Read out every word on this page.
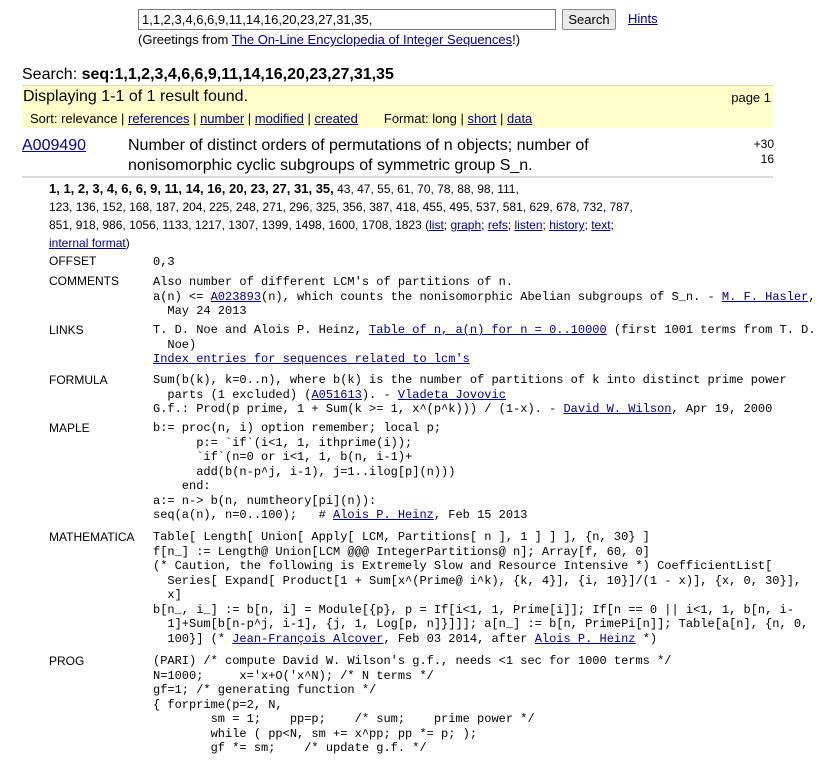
1,1,2,3,4,6,6,9,11,14,16,20,23,27,31,35,
Search	Hints
(Greetings from The On-Line Encyclopedia of Integer Sequences!)
Search: seq:1,1,2,3,4,6,6,9,11,14,16,20,23,27,31,35
Displaying 1-1 of 1 result found.	page 1
Sort: relevance | references | number | modified | created Format: long | short | data
A009490	Number of distinct orders of permutations of n objects; number of
nonisomorphic cyclic subgroups of symmetric group S_n.
+30
16
1, 1, 2, 3, 4, 6, 6, 9, 11, 14, 16, 20, 23, 27, 31, 35, 43, 47, 55, 61, 70, 78, 88, 98, 111,
123, 136, 152, 168, 187, 204, 225, 248, 271, 296, 325, 356, 387, 418, 455, 495, 537, 581, 629, 678, 732, 787,
851, 918, 986, 1056, 1133, 1217, 1307, 1399, 1498, 1600, 1708, 1823 (list; graph; refs; listen; history; text;
internal format)
OFFSET	0,3
COMMENTS	Also number of different LCM's of partitions of n.
a(n) <= A023893(n), which counts the nonisomorphic Abelian subgroups of S_n. - M. F. Hasler,
May 24 2013
LINKS	T. D. Noe and Alois P. Heinz, Table of n, a(n) for n = 0..10000 (first 1001 terms from T. D.
Noe)
Index entries for sequences related to lcm's
FORMULA	Sum(b(k), k=0..n), where b(k) is the number of partitions of k into distinct prime power
parts (1 excluded) (A051613). - Vladeta Jovovic
G.f.: Prod(p prime, 1 + Sum(k >= 1, x^(p^k))) / (1-x). - David W. Wilson, Apr 19, 2000
MAPLE	b:= proc(n, i) option remember; local p;
p:= `if`(i<1, 1, ithprime(i));
`if`(n=0 or i<1, 1, b(n, i-1)+
add(b(n-p^j, i-1), j=1..ilog[p](n)))
end:
a:= n-> b(n, numtheory[pi](n)):
seq(a(n), n=0..100);   # Alois P. Heinz, Feb 15 2013
MATHEMATICA Table[ Length[ Union[ Apply[ LCM, Partitions[ n ], 1 ] ] ], {n, 30} ]
f[n_] := Length@ Union[LCM @@@ IntegerPartitions@ n]; Array[f, 60, 0]
(* Caution, the following is Extremely Slow and Resource Intensive *) CoefficientList[
Series[ Expand[ Product[1 + Sum[x^(Prime@ i^k), {k, 4}], {i, 10}]/(1 - x)], {x, 0, 30}],
x]
b[n_, i_] := b[n, i] = Module[{p}, p = If[i<1, 1, Prime[i]]; If[n == 0 || i<1, 1, b[n, i-
1]+Sum[b[n-p^j, i-1], {j, 1, Log[p, n]}]]]; a[n_] := b[n, PrimePi[n]]; Table[a[n], {n, 0,
100}] (* Jean-François Alcover, Feb 03 2014, after Alois P. Heinz *)
PROG	(PARI) /* compute David W. Wilson's g.f., needs <1 sec for 1000 terms */
N=1000;     x='x+O('x^N); /* N terms */
gf=1; /* generating function */
{ forprime(p=2, N,
sm = 1;    pp=p;    /* sum;    prime power */
while ( pp<N, sm += x^pp; pp *= p; );
gf *= sm;    /* update g.f. */
